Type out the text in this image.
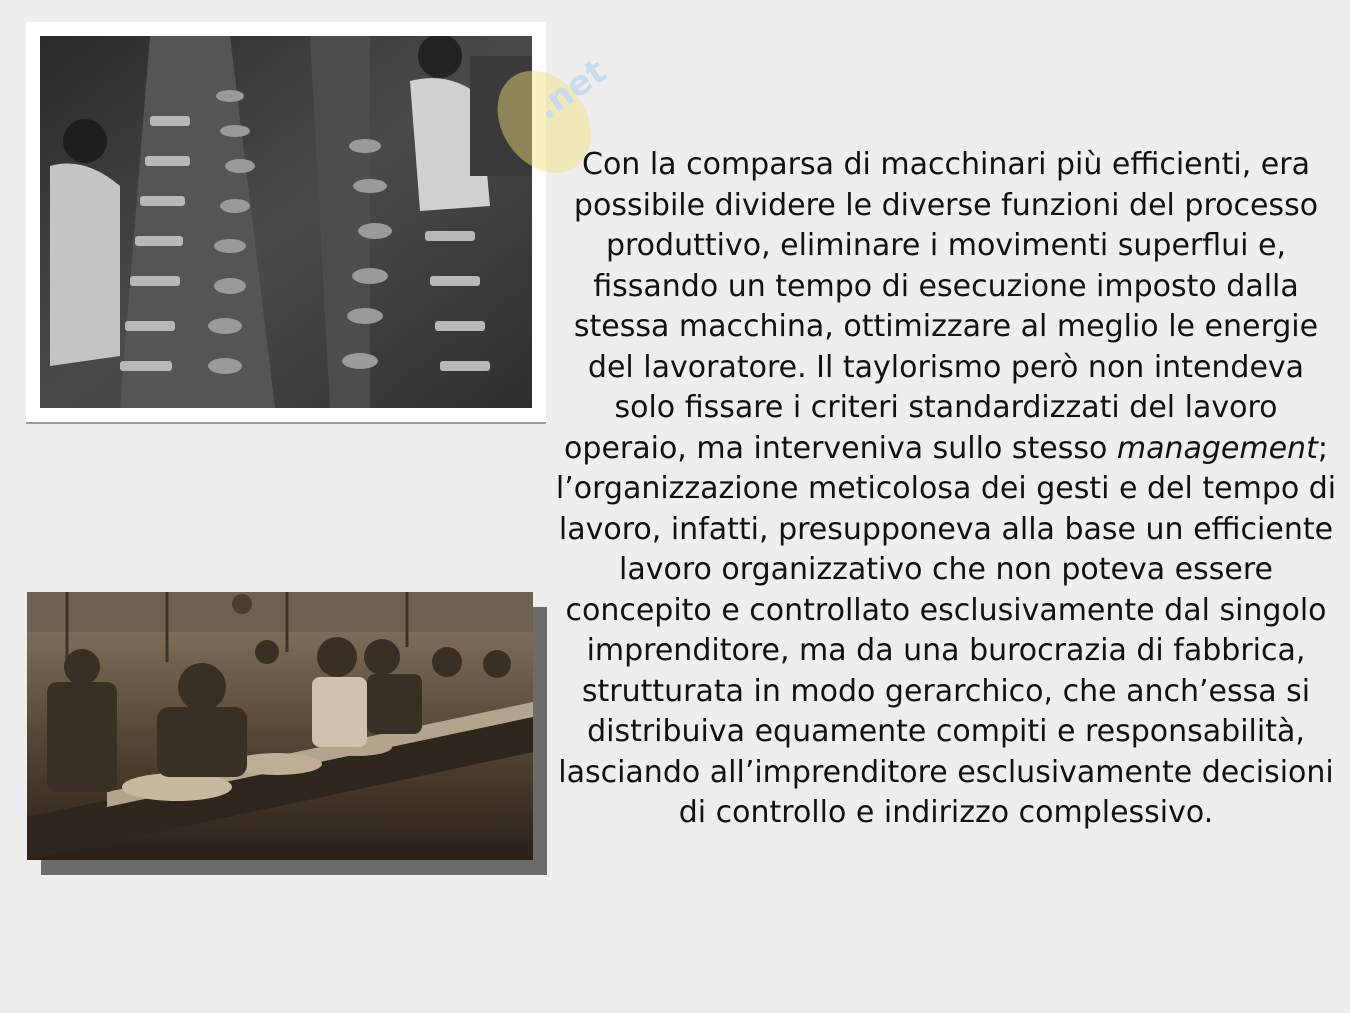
.net

Con la comparsa di macchinari più efficienti, era possibile dividere le diverse funzioni del processo produttivo, eliminare i movimenti superflui e, fissando un tempo di esecuzione imposto dalla stessa macchina, ottimizzare al meglio le energie del lavoratore. Il taylorismo però non intendeva solo fissare i criteri standardizzati del lavoro operaio, ma interveniva sullo stesso management; l’organizzazione meticolosa dei gesti e del tempo di lavoro, infatti, presupponeva alla base un efficiente lavoro organizzativo che non poteva essere concepito e controllato esclusivamente dal singolo imprenditore, ma da una burocrazia di fabbrica, strutturata in modo gerarchico, che anch’essa si distribuiva equamente compiti e responsabilità, lasciando all’imprenditore esclusivamente decisioni di controllo e indirizzo complessivo.
